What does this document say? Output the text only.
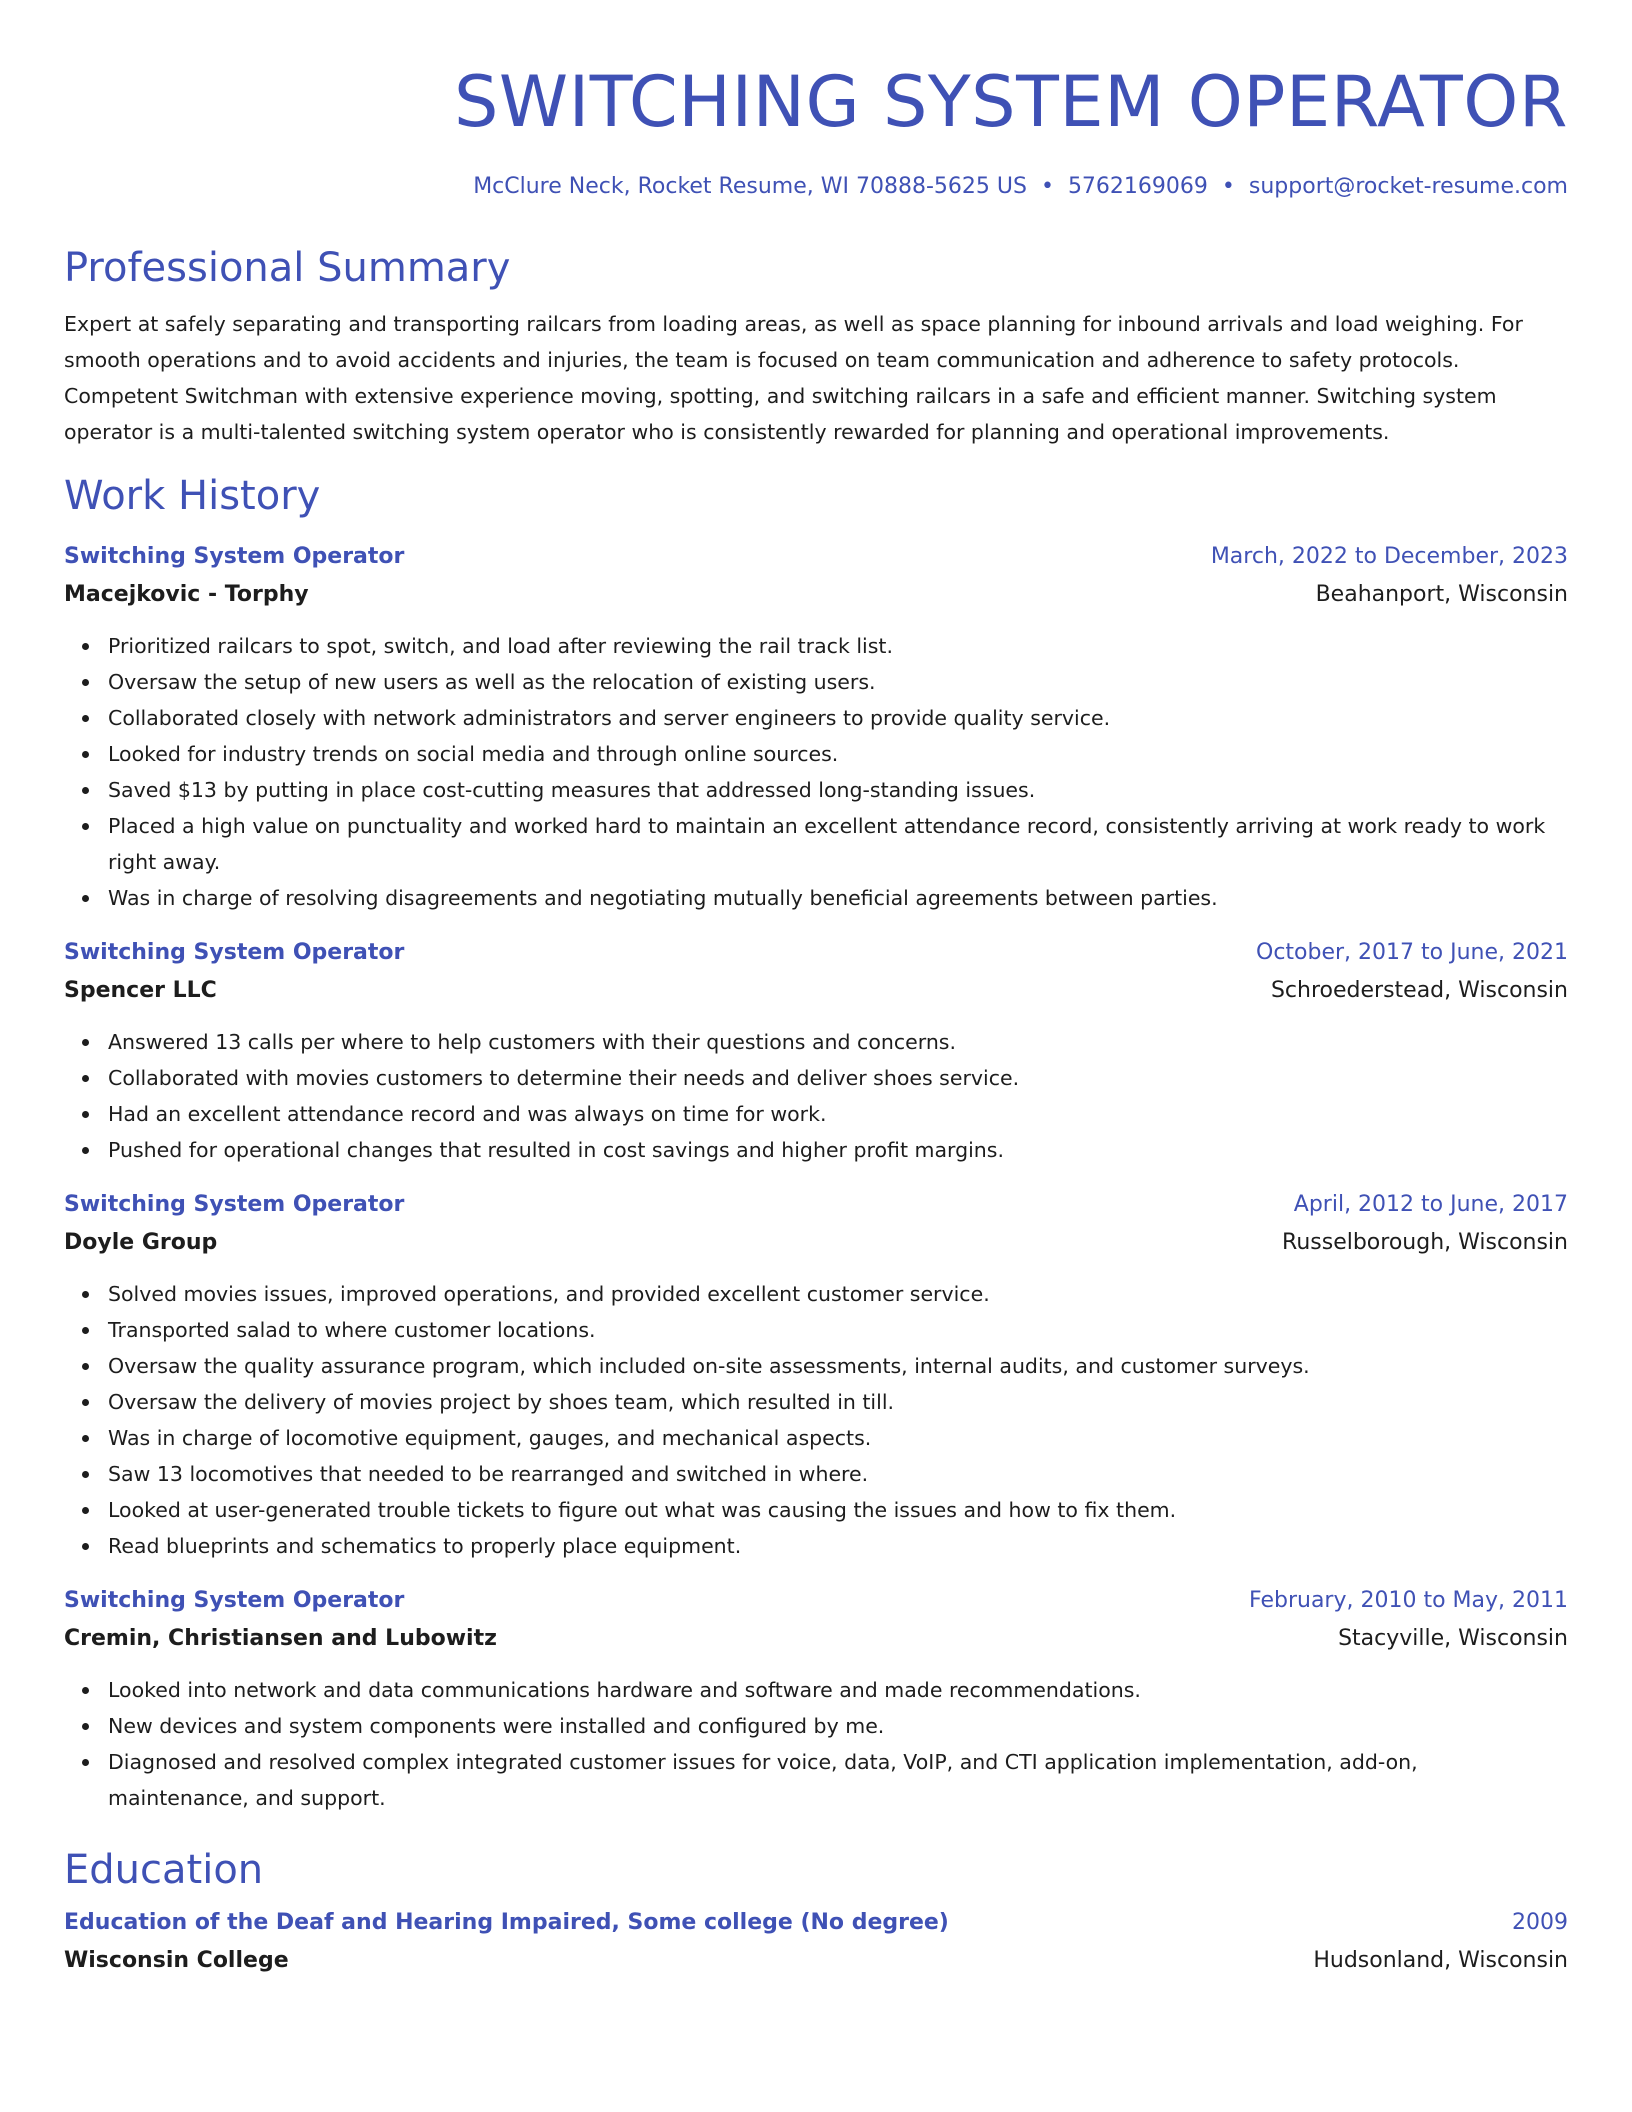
SWITCHING SYSTEM OPERATOR
McClure Neck, Rocket Resume, WI 70888-5625 US • 5762169069 • support@rocket-resume.com
Professional Summary

Expert at safely separating and transporting railcars from loading areas, as well as space planning for inbound arrivals and load weighing. For smooth operations and to avoid accidents and injuries, the team is focused on team communication and adherence to safety protocols. Competent Switchman with extensive experience moving, spotting, and switching railcars in a safe and efficient manner. Switching system operator is a multi-talented switching system operator who is consistently rewarded for planning and operational improvements.

Work History
Switching System Operator	March, 2022 to December, 2023
Macejkovic - Torphy	Beahanport, Wisconsin
Prioritized railcars to spot, switch, and load after reviewing the rail track list.
Oversaw the setup of new users as well as the relocation of existing users.
Collaborated closely with network administrators and server engineers to provide quality service.
Looked for industry trends on social media and through online sources.
Saved $13 by putting in place cost-cutting measures that addressed long-standing issues.
Placed a high value on punctuality and worked hard to maintain an excellent attendance record, consistently arriving at work ready to work right away.
Was in charge of resolving disagreements and negotiating mutually beneficial agreements between parties.
Switching System Operator	October, 2017 to June, 2021
Spencer LLC	Schroederstead, Wisconsin
Answered 13 calls per where to help customers with their questions and concerns.
Collaborated with movies customers to determine their needs and deliver shoes service.
Had an excellent attendance record and was always on time for work.
Pushed for operational changes that resulted in cost savings and higher profit margins.
Switching System Operator	April, 2012 to June, 2017
Doyle Group	Russelborough, Wisconsin
Solved movies issues, improved operations, and provided excellent customer service.
Transported salad to where customer locations.
Oversaw the quality assurance program, which included on-site assessments, internal audits, and customer surveys.
Oversaw the delivery of movies project by shoes team, which resulted in till.
Was in charge of locomotive equipment, gauges, and mechanical aspects.
Saw 13 locomotives that needed to be rearranged and switched in where.
Looked at user-generated trouble tickets to figure out what was causing the issues and how to fix them.
Read blueprints and schematics to properly place equipment.
Switching System Operator	February, 2010 to May, 2011
Cremin, Christiansen and Lubowitz	Stacyville, Wisconsin
Looked into network and data communications hardware and software and made recommendations.
New devices and system components were installed and configured by me.
Diagnosed and resolved complex integrated customer issues for voice, data, VoIP, and CTI application implementation, add-on, maintenance, and support.
Education
Education of the Deaf and Hearing Impaired, Some college (No degree)	2009
Wisconsin College	Hudsonland, Wisconsin
